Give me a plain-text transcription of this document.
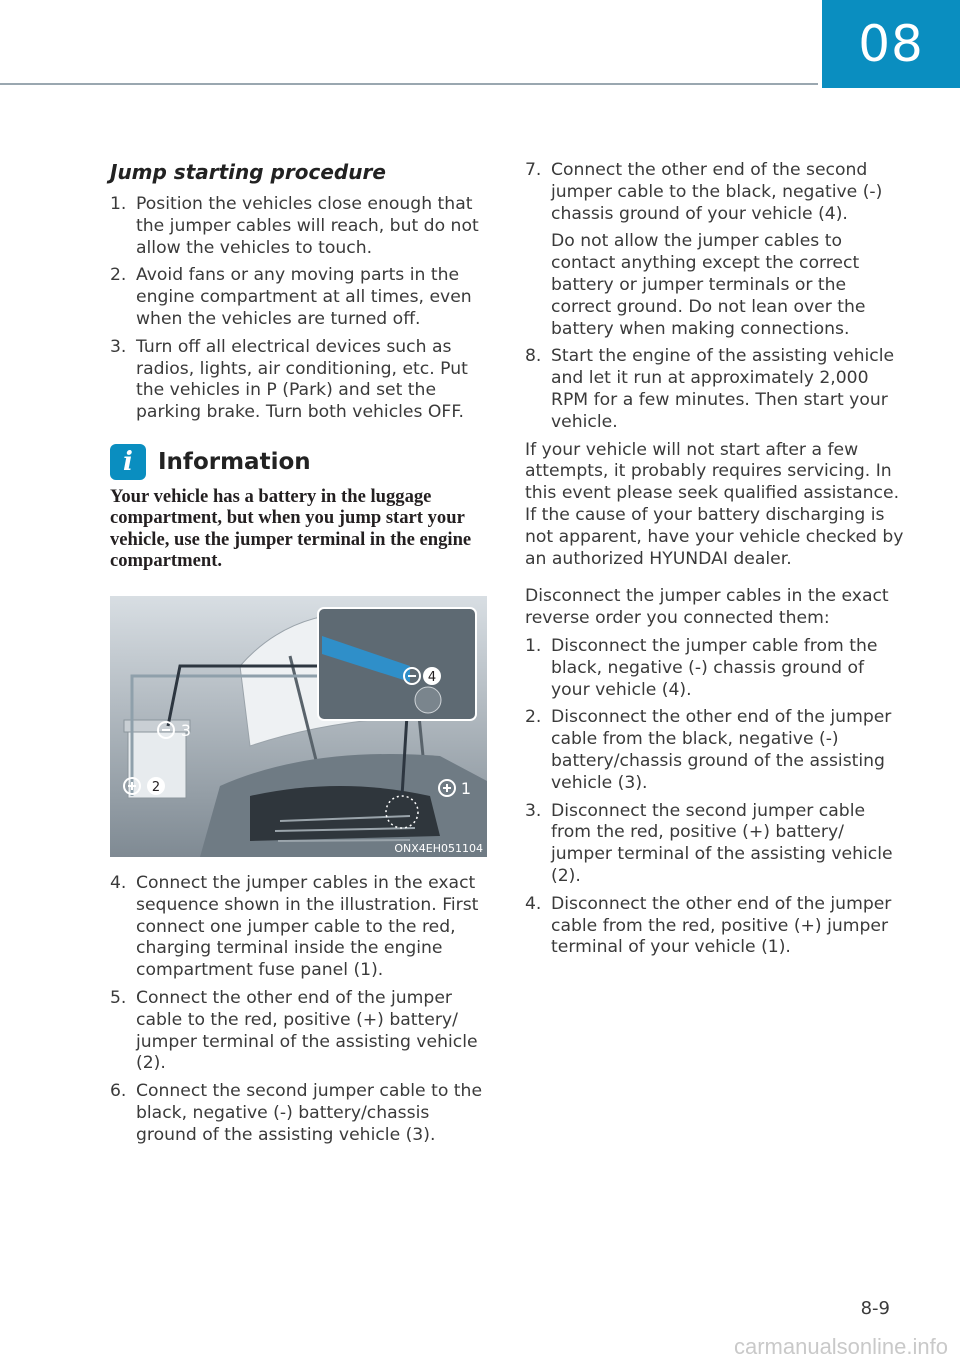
08
Jump starting procedure
1. Position the vehicles close enough that the jumper cables will reach, but do not allow the vehicles to touch.

2. Avoid fans or any moving parts in the engine compartment at all times, even when the vehicles are turned off.

3. Turn off all electrical devices such as radios, lights, air conditioning, etc. Put the vehicles in P (Park) and set the parking brake. Turn both vehicles OFF.

i	Information

Your vehicle has a battery in the luggage compartment, but when you jump start your vehicle, use the jumper terminal in the engine compartment.

4
3
2	1
ONX4EH051104
4. Connect the jumper cables in the exact sequence shown in the illustration. First connect one jumper cable to the red, charging terminal inside the engine compartment fuse panel (1).

5. Connect the other end of the jumper cable to the red, positive (+) battery/ jumper terminal of the assisting vehicle (2).

6. Connect the second jumper cable to the black, negative (-) battery/chassis ground of the assisting vehicle (3).

7. Connect the other end of the second jumper cable to the black, negative (-) chassis ground of your vehicle (4).

Do not allow the jumper cables to contact anything except the correct battery or jumper terminals or the correct ground. Do not lean over the battery when making connections.

8. Start the engine of the assisting vehicle and let it run at approximately 2,000 RPM for a few minutes. Then start your vehicle.

If your vehicle will not start after a few attempts, it probably requires servicing. In this event please seek qualified assistance. If the cause of your battery discharging is not apparent, have your vehicle checked by an authorized HYUNDAI dealer.

Disconnect the jumper cables in the exact reverse order you connected them:

1. Disconnect the jumper cable from the black, negative (-) chassis ground of your vehicle (4).

2. Disconnect the other end of the jumper cable from the black, negative (-) battery/chassis ground of the assisting vehicle (3).

3. Disconnect the second jumper cable from the red, positive (+) battery/ jumper terminal of the assisting vehicle (2).

4. Disconnect the other end of the jumper cable from the red, positive (+) jumper terminal of your vehicle (1).

8-9
carmanualsonline.info
